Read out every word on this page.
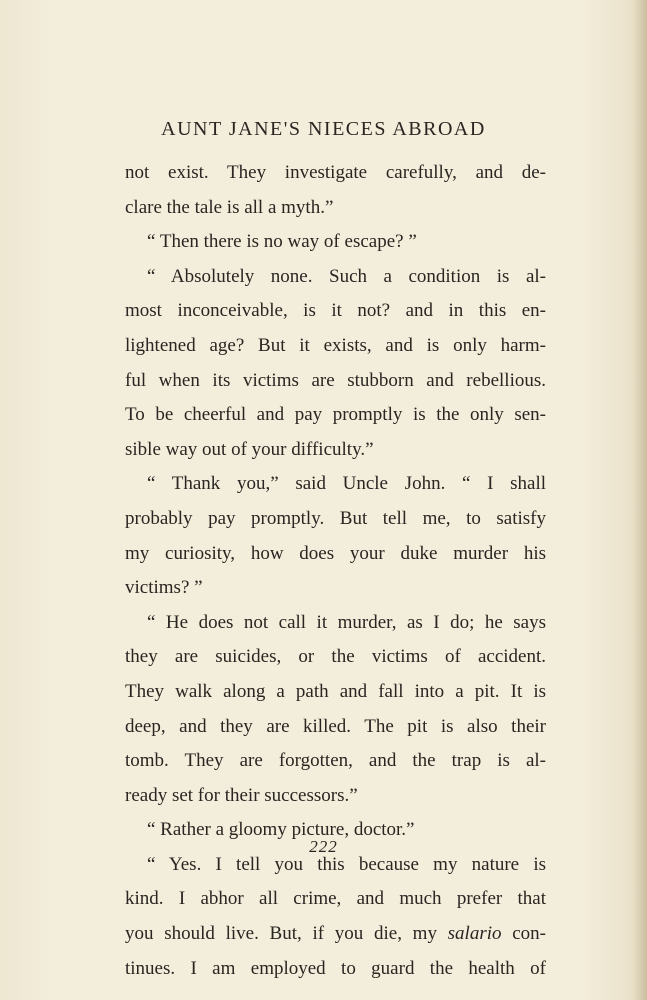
AUNT JANE'S NIECES ABROAD
not exist. They investigate carefully, and de-
clare the tale is all a myth.”
“ Then there is no way of escape? ”
“ Absolutely none. Such a condition is al-
most inconceivable, is it not? and in this en-
lightened age? But it exists, and is only harm-
ful when its victims are stubborn and rebellious.
To be cheerful and pay promptly is the only sen-
sible way out of your difficulty.”
“ Thank you,” said Uncle John. “ I shall
probably pay promptly. But tell me, to satisfy
my curiosity, how does your duke murder his
victims? ”
“ He does not call it murder, as I do; he says
they are suicides, or the victims of accident.
They walk along a path and fall into a pit. It is
deep, and they are killed. The pit is also their
tomb. They are forgotten, and the trap is al-
ready set for their successors.”
“ Rather a gloomy picture, doctor.”
“ Yes. I tell you this because my nature is
kind. I abhor all crime, and much prefer that
you should live. But, if you die, my salario con-
tinues. I am employed to guard the health of
222
